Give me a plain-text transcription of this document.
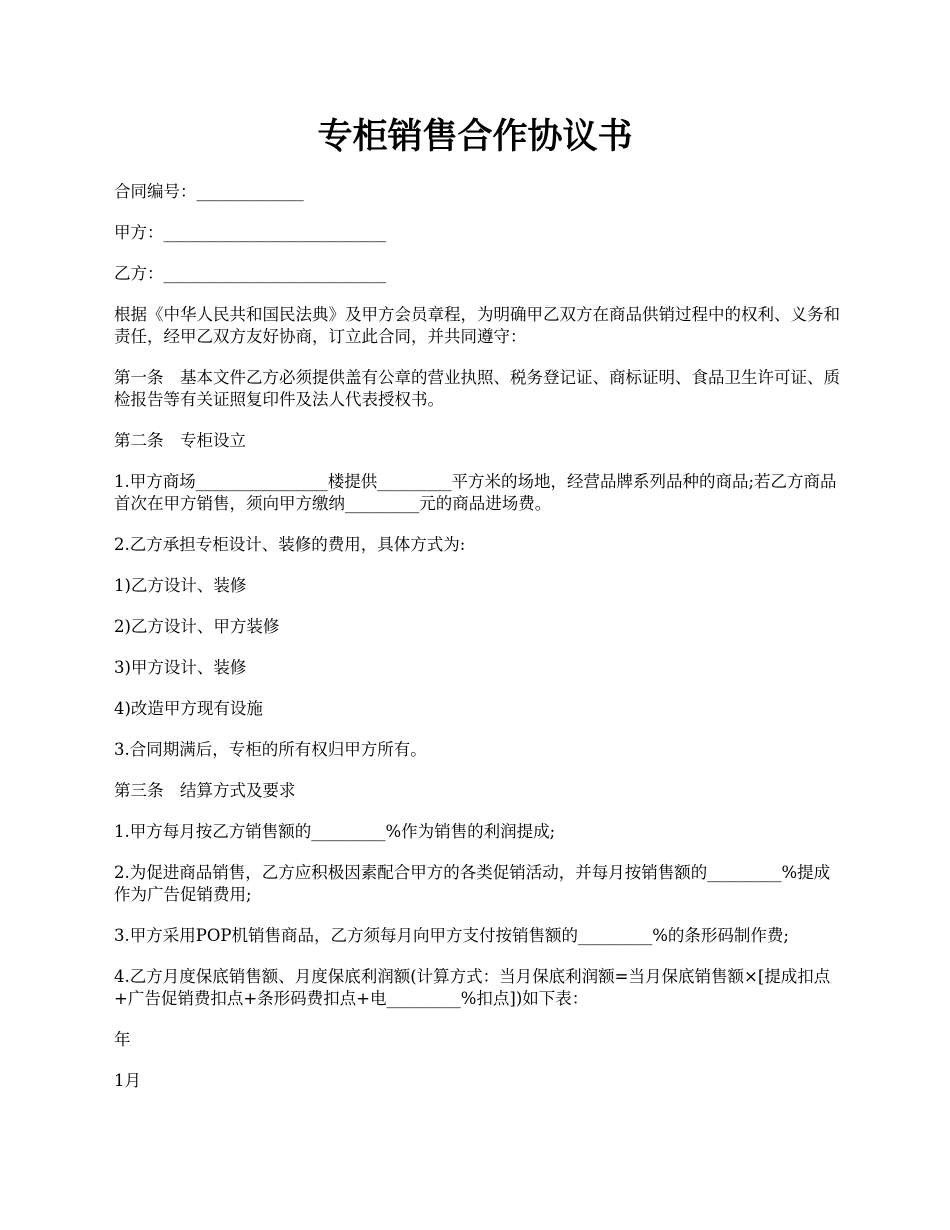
专柜销售合作协议书

合同编号：_____________

甲方：___________________________

乙方：___________________________

根据《中华人民共和国民法典》及甲方会员章程，为明确甲乙双方在商品供销过程中的权利、义务和责任，经甲乙双方友好协商，订立此合同，并共同遵守：

第一条　基本文件乙方必须提供盖有公章的营业执照、税务登记证、商标证明、食品卫生许可证、质检报告等有关证照复印件及法人代表授权书。

第二条　专柜设立

1.甲方商场________________楼提供_________平方米的场地，经营品牌系列品种的商品;若乙方商品首次在甲方销售，须向甲方缴纳_________元的商品进场费。

2.乙方承担专柜设计、装修的费用，具体方式为:

1)乙方设计、装修

2)乙方设计、甲方装修

3)甲方设计、装修

4)改造甲方现有设施

3.合同期满后，专柜的所有权归甲方所有。

第三条　结算方式及要求

1.甲方每月按乙方销售额的_________%作为销售的利润提成;

2.为促进商品销售，乙方应积极因素配合甲方的各类促销活动，并每月按销售额的_________%提成作为广告促销费用;

3.甲方采用POP机销售商品，乙方须每月向甲方支付按销售额的_________%的条形码制作费;

4.乙方月度保底销售额、月度保底利润额(计算方式：当月保底利润额=当月保底销售额×[提成扣点+广告促销费扣点+条形码费扣点+电_________%扣点])如下表：

年

1月
